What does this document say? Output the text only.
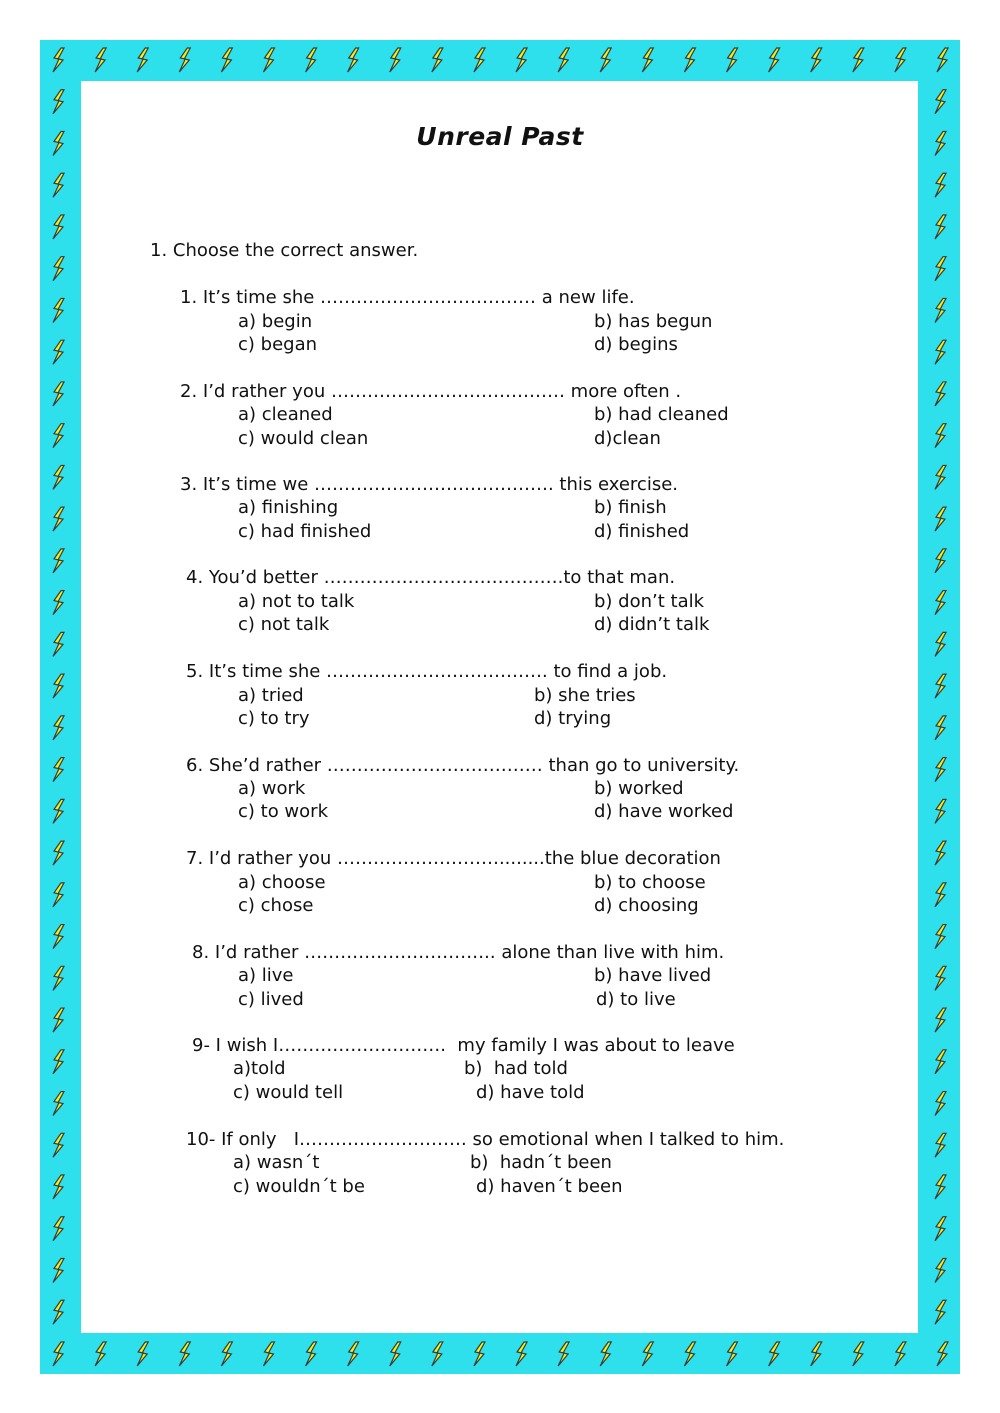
Unreal Past
1. Choose the correct answer.
1. It’s time she ……………………………… a new life.
a) begin	b) has begun
c) began	d) begins
2. I’d rather you ………………………………… more often .
a) cleaned	b) had cleaned
c) would clean	d)clean
3. It’s time we …………………………………. this exercise.
a) finishing	b) finish
c) had finished	d) finished
4. You’d better ………………………………….to that man.
a) not to talk	b) don’t talk
c) not talk	d) didn’t talk
5. It’s time she ………………………………. to find a job.
a) tried	b) she tries
c) to try	d) trying
6. She’d rather ……………………………… than go to university.
a) work	b) worked
c) to work	d) have worked
7. I’d rather you ………………………........the blue decoration
a) choose	b) to choose
c) chose	d) choosing
8. I’d rather ………………………….. alone than live with him.
a) live	b) have lived
c) lived	d) to live
9- I wish I……………………….  my family I was about to leave
a)told	b)  had told
c) would tell	d) have told
10- If only   I………………………. so emotional when I talked to him.
a) wasn´t	b)  hadn´t been
c) wouldn´t be	d) haven´t been
